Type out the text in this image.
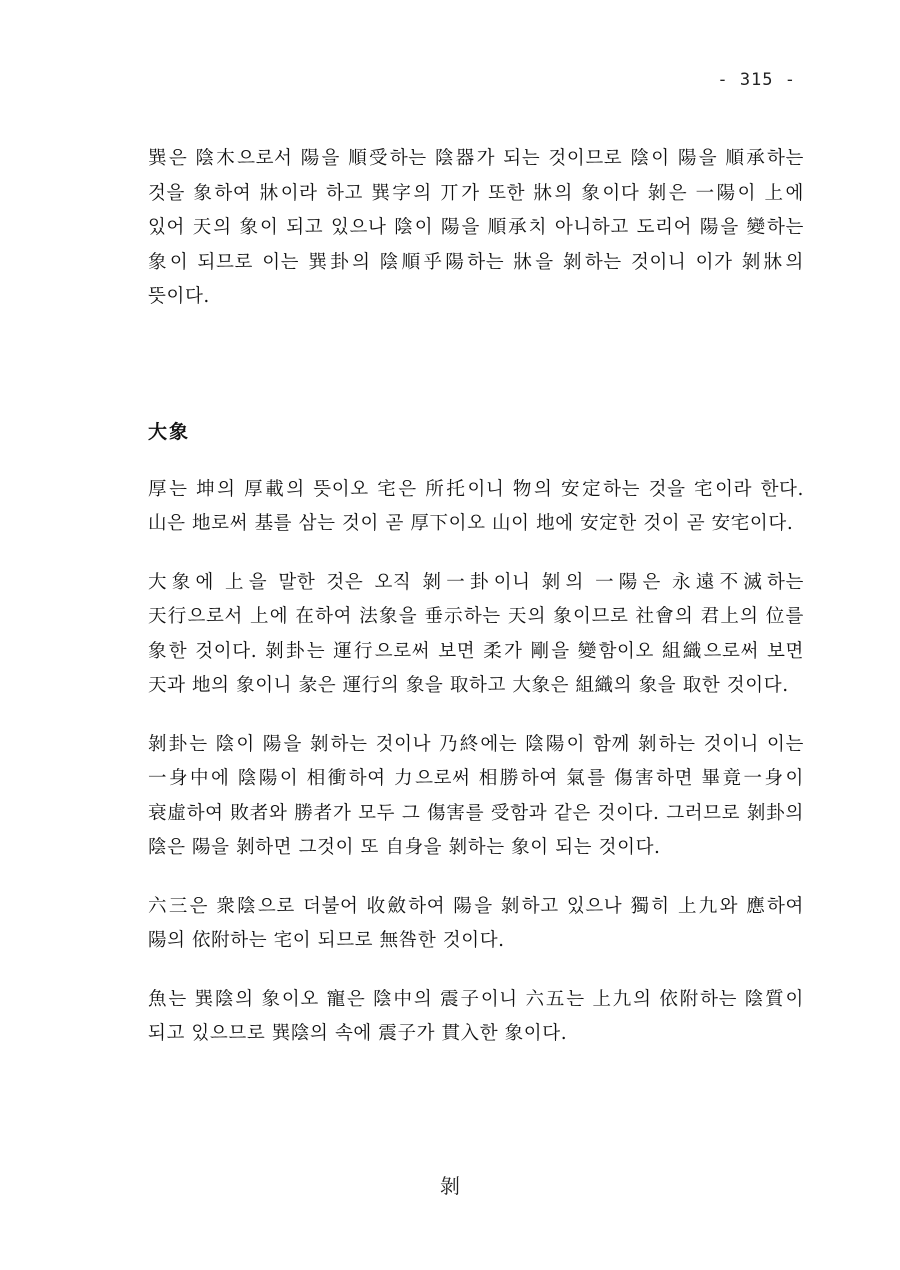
- 315 -

巽은 陰木으로서 陽을 順受하는 陰器가 되는 것이므로 陰이 陽을 順承하는 것을 象하여 牀이라 하고 巽字의 丌가 또한 牀의 象이다 剝은 一陽이 上에 있어 天의 象이 되고 있으나 陰이 陽을 順承치 아니하고 도리어 陽을 變하는 象이 되므로 이는 巽卦의 陰順乎陽하는 牀을 剝하는 것이니 이가 剝牀의 뜻이다.

大象

厚는 坤의 厚載의 뜻이오 宅은 所托이니 物의 安定하는 것을 宅이라 한다. 山은 地로써 基를 삼는 것이 곧 厚下이오 山이 地에 安定한 것이 곧 安宅이다.

大象에 上을 말한 것은 오직 剝一卦이니 剝의 一陽은 永遠不滅하는 天行으로서 上에 在하여 法象을 垂示하는 天의 象이므로 社會의 君上의 位를 象한 것이다. 剝卦는 運行으로써 보면 柔가 剛을 變함이오 組織으로써 보면 天과 地의 象이니 彖은 運行의 象을 取하고 大象은 組織의 象을 取한 것이다.

剝卦는 陰이 陽을 剝하는 것이나 乃終에는 陰陽이 함께 剝하는 것이니 이는 一身中에 陰陽이 相衝하여 力으로써 相勝하여 氣를 傷害하면 畢竟一身이 衰虛하여 敗者와 勝者가 모두 그 傷害를 受함과 같은 것이다. 그러므로 剝卦의 陰은 陽을 剝하면 그것이 또 自身을 剝하는 象이 되는 것이다.

六三은 衆陰으로 더불어 收斂하여 陽을 剝하고 있으나 獨히 上九와 應하여 陽의 依附하는 宅이 되므로 無咎한 것이다.

魚는 巽陰의 象이오 寵은 陰中의 震子이니 六五는 上九의 依附하는 陰質이 되고 있으므로 巽陰의 속에 震子가 貫入한 象이다.

剝
